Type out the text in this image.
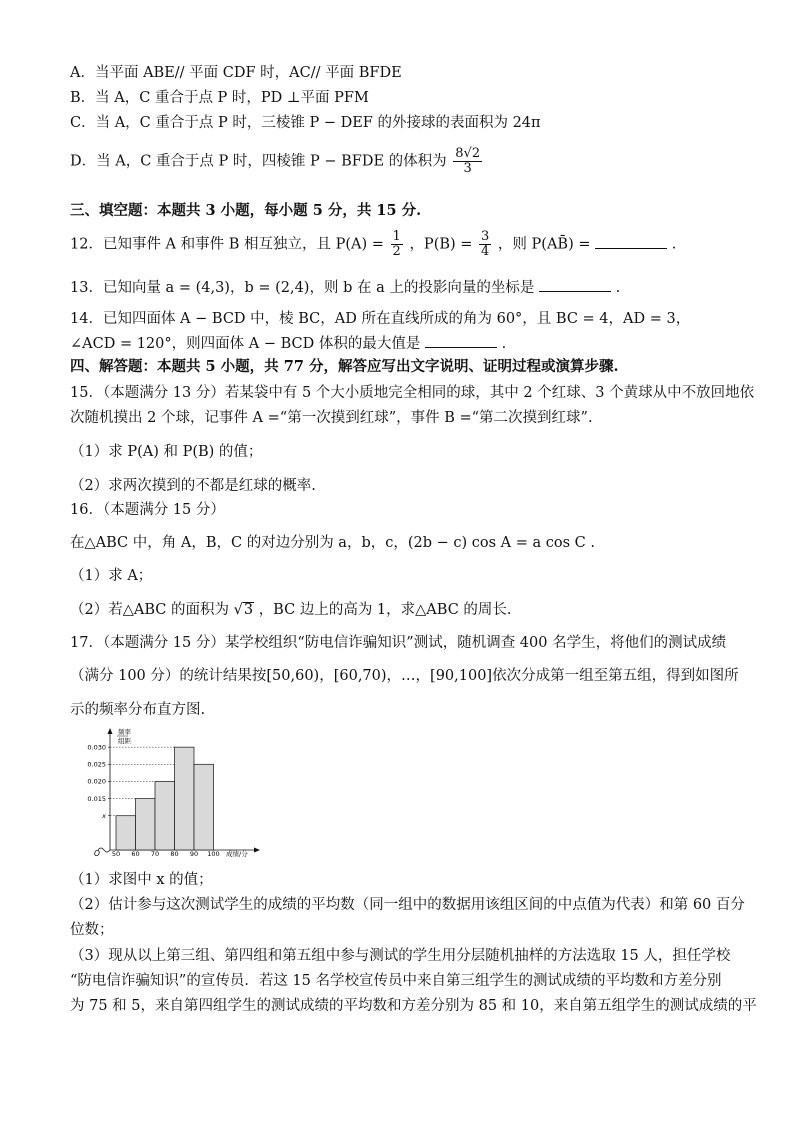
A．当平面 ABE// 平面 CDF 时，AC// 平面 BFDE
B．当 A，C 重合于点 P 时，PD ⊥平面 PFM
C．当 A，C 重合于点 P 时，三棱锥 P − DEF 的外接球的表面积为 24π
D．当 A，C 重合于点 P 时，四棱锥 P − BFDE 的体积为 $\frac{8√2}{3}$
三、填空题：本题共 3 小题，每小题 5 分，共 15 分.
12．已知事件 A 和事件 B 相互独立，且 $P(A) = \frac{1}{2}$ ，$P(B) = \frac{3}{4}$ ，则 P(AB̄) =	.
13．已知向量 a = (4,3)，b = (2,4)，则 b 在 a 上的投影向量的坐标是	.
14．已知四面体 A − BCD 中，棱 BC，AD 所在直线所成的角为 60°，且 BC = 4，AD = 3，
∠ACD = 120°，则四面体 A − BCD 体积的最大值是	.
四、解答题：本题共 5 小题，共 77 分，解答应写出文字说明、证明过程或演算步骤.
15．（本题满分 13 分）若某袋中有 5 个大小质地完全相同的球，其中 2 个红球、3 个黄球从中不放回地依
次随机摸出 2 个球，记事件 A =“第一次摸到红球”，事件 B =“第二次摸到红球”.
（1）求 P(A) 和 P(B) 的值；
（2）求两次摸到的不都是红球的概率.
16．（本题满分 15 分）
在△ABC 中，角 A，B，C 的对边分别为 a，b，c，(2b − c) cos A = a cos C .
（1）求 A；
（2）若△ABC 的面积为 √3 ，BC 边上的高为 1，求△ABC 的周长.
17．（本题满分 15 分）某学校组织“防电信诈骗知识”测试，随机调查 400 名学生，将他们的测试成绩
（满分 100 分）的统计结果按[50,60)，[60,70)，…，[90,100]依次分成第一组至第五组，得到如图所
示的频率分布直方图.
频率
组距
O	成绩/分
0.030
0.025
0.020
0.015
x
50 60 70 80 90 100
（1）求图中 x 的值；
（2）估计参与这次测试学生的成绩的平均数（同一组中的数据用该组区间的中点值为代表）和第 60 百分
位数；
（3）现从以上第三组、第四组和第五组中参与测试的学生用分层随机抽样的方法选取 15 人，担任学校
“防电信诈骗知识”的宣传员．若这 15 名学校宣传员中来自第三组学生的测试成绩的平均数和方差分别
为 75 和 5，来自第四组学生的测试成绩的平均数和方差分别为 85 和 10，来自第五组学生的测试成绩的平
